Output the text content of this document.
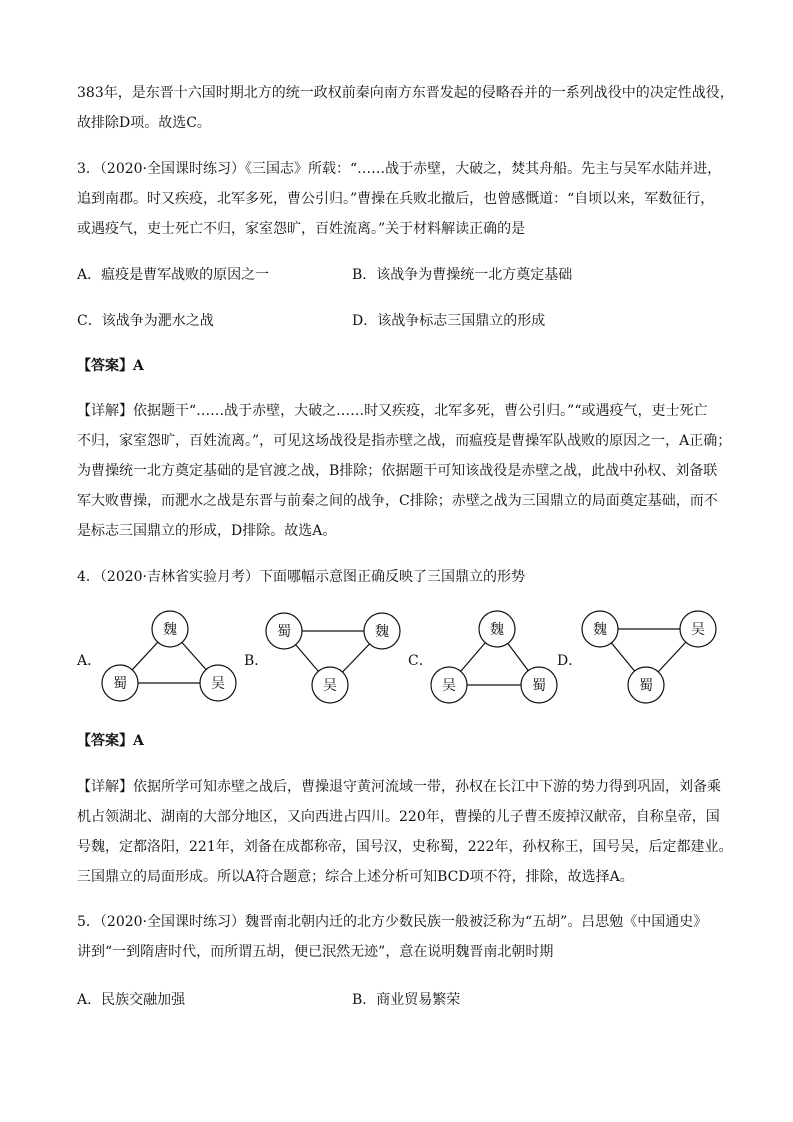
383年，是东晋十六国时期北方的统一政权前秦向南方东晋发起的侵略吞并的一系列战役中的决定性战役，
故排除D项。故选C。
3．（2020·全国课时练习）《三国志》所载：“……战于赤壁，大破之，焚其舟船。先主与吴军水陆并进，
追到南郡。时又疾疫，北军多死，曹公引归。”曹操在兵败北撤后，也曾感慨道：“自顷以来，军数征行，
或遇疫气，吏士死亡不归，家室怨旷，百姓流离。”关于材料解读正确的是
A．瘟疫是曹军战败的原因之一	B．该战争为曹操统一北方奠定基础
C．该战争为淝水之战	D．该战争标志三国鼎立的形成
【答案】A
【详解】依据题干“……战于赤壁，大破之……时又疾疫，北军多死，曹公引归。”“或遇疫气，吏士死亡
不归，家室怨旷，百姓流离。”，可见这场战役是指赤壁之战，而瘟疫是曹操军队战败的原因之一，A正确；
为曹操统一北方奠定基础的是官渡之战，B排除；依据题干可知该战役是赤壁之战，此战中孙权、刘备联
军大败曹操，而淝水之战是东晋与前秦之间的战争，C排除；赤壁之战为三国鼎立的局面奠定基础，而不
是标志三国鼎立的形成，D排除。故选A。
4．（2020·吉林省实验月考）下面哪幅示意图正确反映了三国鼎立的形势
A．
魏
蜀	吴
B．
蜀	魏
吴
C．
魏
吴	蜀
D．
魏	吴
蜀
【答案】A
【详解】依据所学可知赤壁之战后，曹操退守黄河流域一带，孙权在长江中下游的势力得到巩固，刘备乘
机占领湖北、湖南的大部分地区，又向西进占四川。220年，曹操的儿子曹丕废掉汉献帝，自称皇帝，国
号魏，定都洛阳，221年，刘备在成都称帝，国号汉，史称蜀，222年，孙权称王，国号吴，后定都建业。
三国鼎立的局面形成。所以A符合题意；综合上述分析可知BCD项不符，排除，故选择A。
5．（2020·全国课时练习）魏晋南北朝内迁的北方少数民族一般被泛称为“五胡”。吕思勉《中国通史》
讲到“一到隋唐时代，而所谓五胡，便已泯然无迹”，意在说明魏晋南北朝时期
A．民族交融加强	B．商业贸易繁荣
